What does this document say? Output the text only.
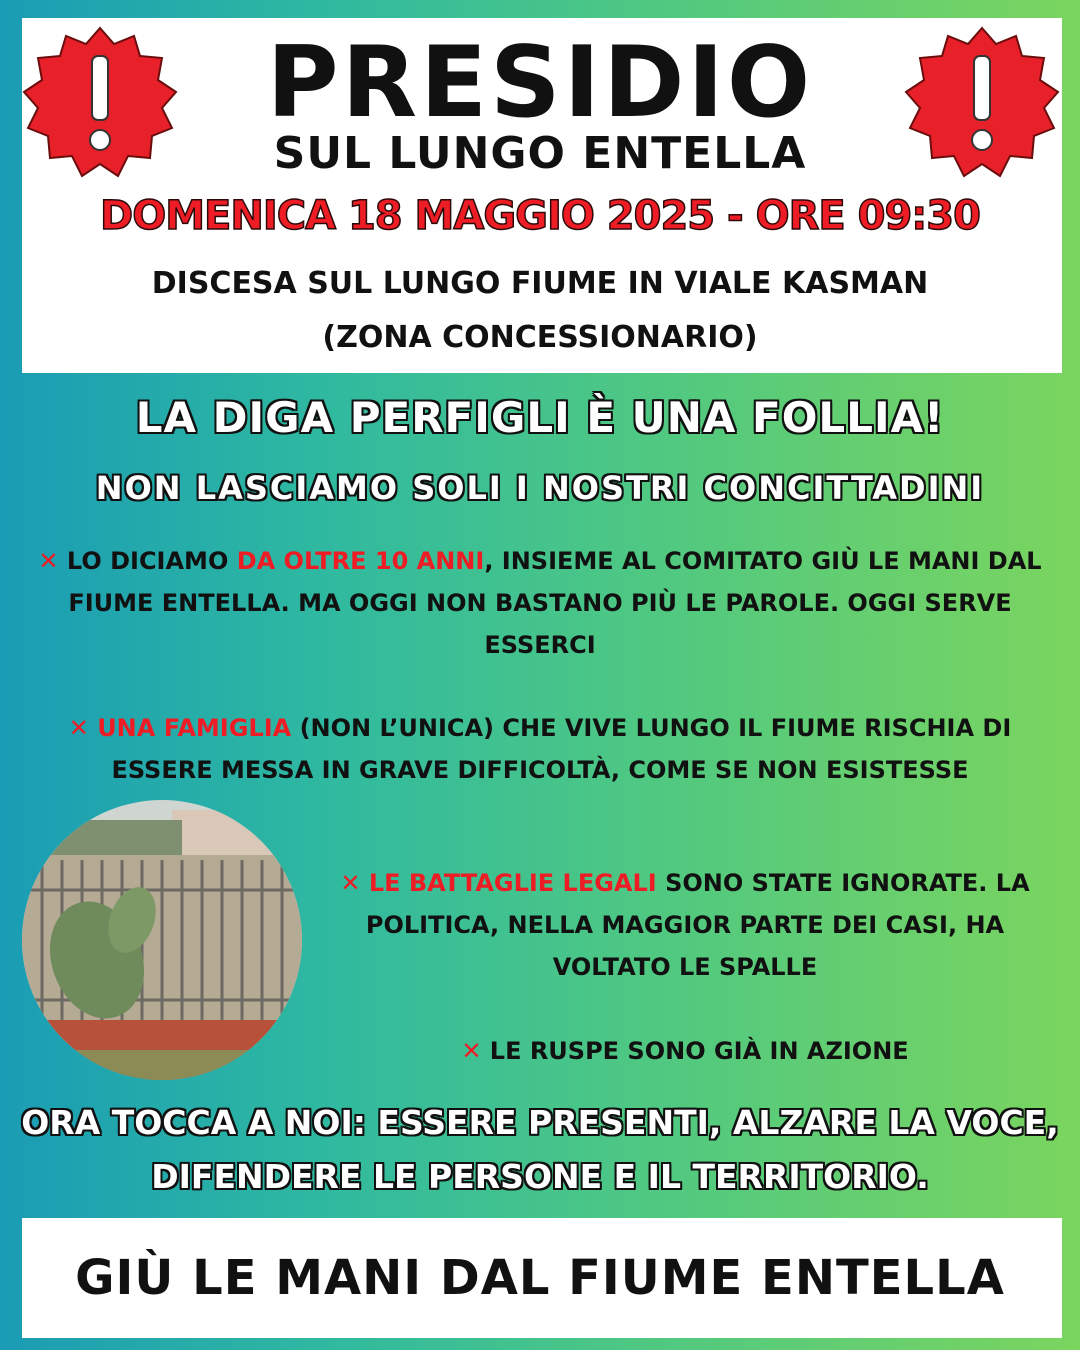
PRESIDIO
SUL LUNGO ENTELLA
DOMENICA 18 MAGGIO 2025 - ORE 09:30
DISCESA SUL LUNGO FIUME IN VIALE KASMAN
(ZONA CONCESSIONARIO)
LA DIGA PERFIGLI È UNA FOLLIA!
NON LASCIAMO SOLI I NOSTRI CONCITTADINI
✕ LO DICIAMO DA OLTRE 10 ANNI, INSIEME AL COMITATO GIÙ LE MANI DAL FIUME ENTELLA. MA OGGI NON BASTANO PIÙ LE PAROLE. OGGI SERVE ESSERCI
✕ UNA FAMIGLIA (NON L’UNICA) CHE VIVE LUNGO IL FIUME RISCHIA DI ESSERE MESSA IN GRAVE DIFFICOLTÀ, COME SE NON ESISTESSE
✕ LE BATTAGLIE LEGALI SONO STATE IGNORATE. LA POLITICA, NELLA MAGGIOR PARTE DEI CASI, HA VOLTATO LE SPALLE
✕ LE RUSPE SONO GIÀ IN AZIONE
ORA TOCCA A NOI: ESSERE PRESENTI, ALZARE LA VOCE,
DIFENDERE LE PERSONE E IL TERRITORIO.
GIÙ LE MANI DAL FIUME ENTELLA
